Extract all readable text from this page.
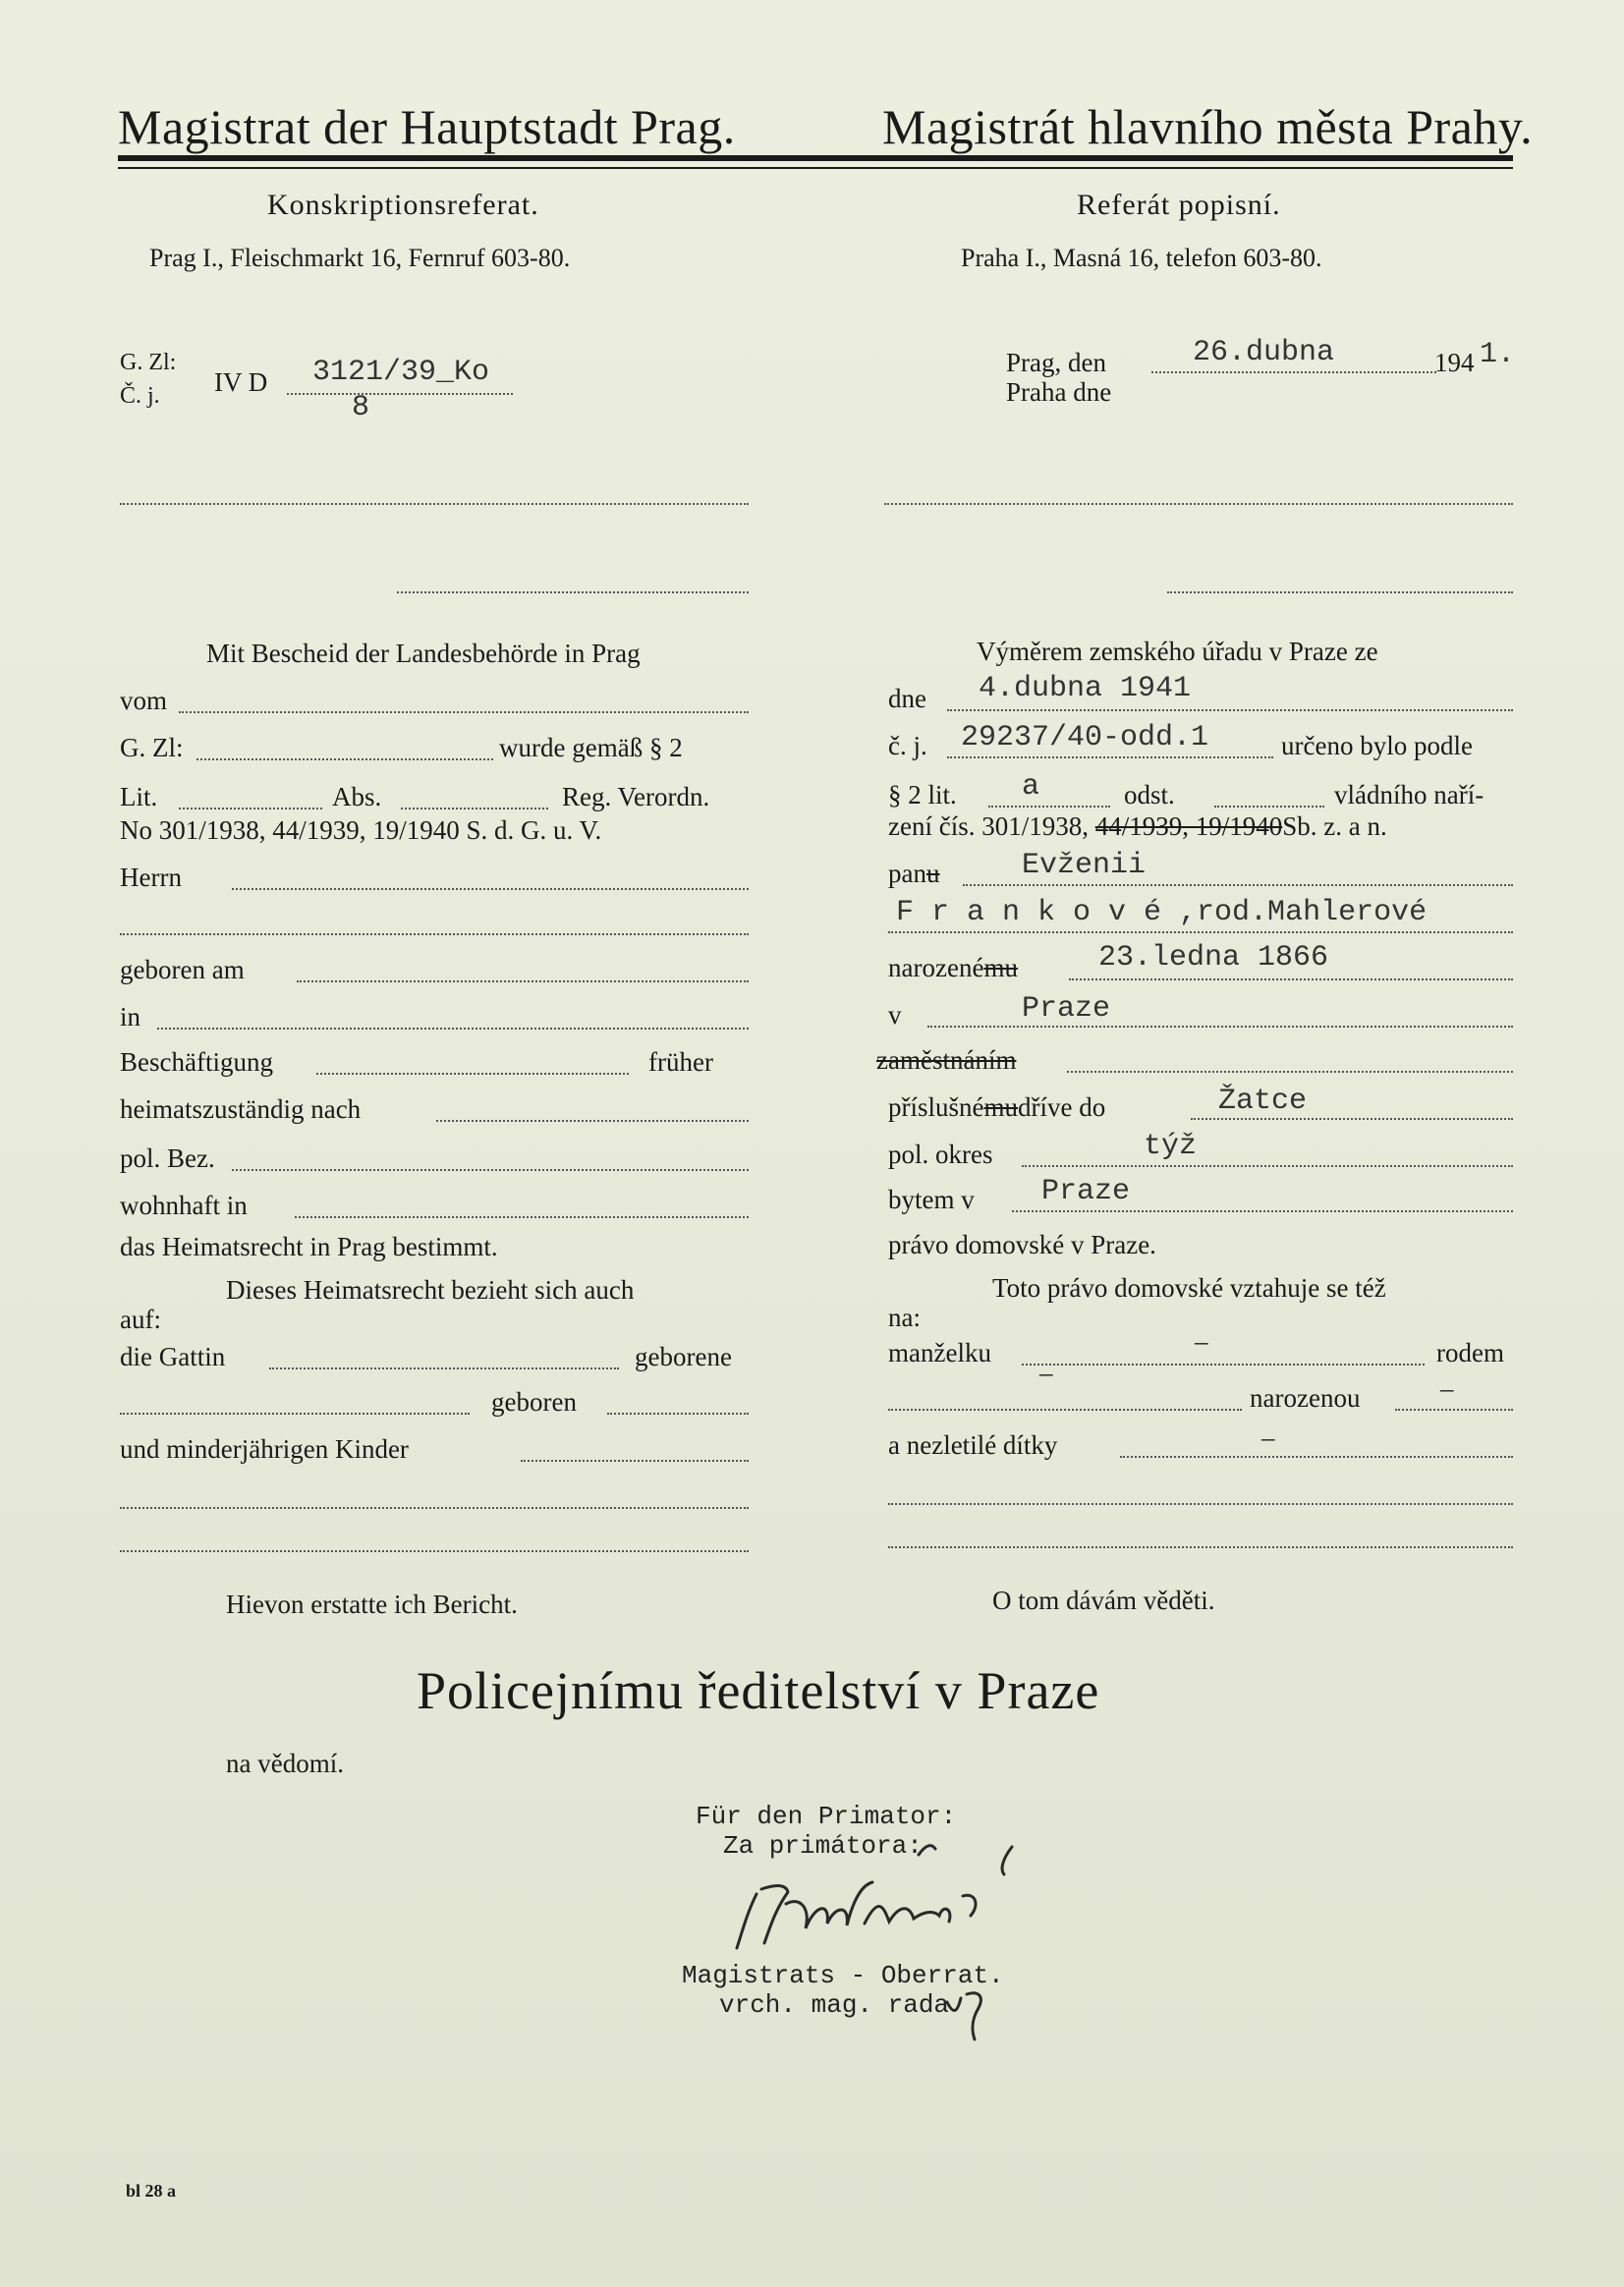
Magistrat der Hauptstadt Prag.	Magistrát hlavního města Prahy.
Konskriptionsreferat.	Referát popisní.
Prag I., Fleischmarkt 16, Fernruf 603-80.	Praha I., Masná 16, telefon 603-80.
G. Zl:
Č. j. IV D 3121/39_Ko
8
Prag, den
Praha dne
26.dubna	194 1.
Mit Bescheid der Landesbehörde in Prag
vom
G. Zl:	wurde gemäß § 2
Lit.	Abs.	Reg. Verordn.
No 301/1938, 44/1939, 19/1940 S. d. G. u. V.
Herrn
geboren am
in
Beschäftigung	früher
heimatszuständig nach
pol. Bez.
wohnhaft in
das Heimatsrecht in Prag bestimmt.
Dieses Heimatsrecht bezieht sich auch
auf:
die Gattin	geborene
geboren
und minderjährigen Kinder
Hievon erstatte ich Bericht.
Výměrem zemského úřadu v Praze ze
dne 4.dubna 1941
č. j. 29237/40-odd.1	určeno bylo podle
§ 2 lit. a	odst.	vládního naří-
zení čís. 301/1938, 44/1939, 19/1940Sb. z. a n.
panu	Evženii
F r a n k o v é ,rod.Mahlerové
narozenému	23.ledna 1866
v	Praze
zaměstnáním
příslušnémudříve do	Žatce
pol. okres	týž
bytem v Praze
právo domovské v Praze.
Toto právo domovské vztahuje se též
na:
manželku	–	rodem
–
narozenou	–
a nezletilé dítky	–
O tom dávám věděti.
Policejnímu ředitelství v Praze
na vědomí.
Für den Primator:
Za primátora:
Magistrats - Oberrat.
vrch. mag. rada
bl 28 a
